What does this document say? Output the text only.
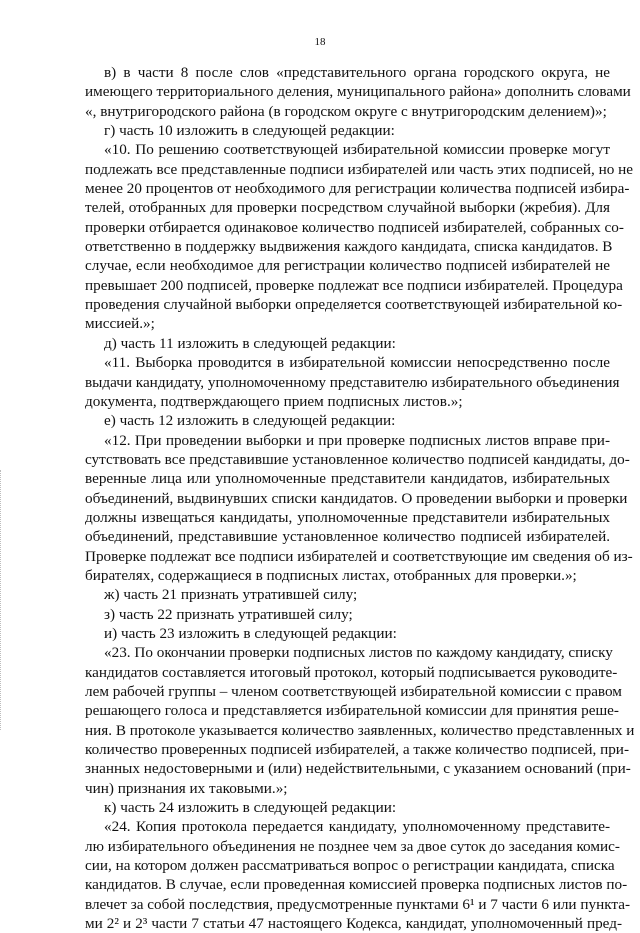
18
в) в части 8 после слов «представительного органа городского округа, не
имеющего территориального деления, муниципального района» дополнить словами
«, внутригородского района (в городском округе с внутригородским делением)»;
г) часть 10 изложить в следующей редакции:
«10. По решению соответствующей избирательной комиссии проверке могут
подлежать все представленные подписи избирателей или часть этих подписей, но не
менее 20 процентов от необходимого для регистрации количества подписей избира-
телей, отобранных для проверки посредством случайной выборки (жребия). Для
проверки отбирается одинаковое количество подписей избирателей, собранных со-
ответственно в поддержку выдвижения каждого кандидата, списка кандидатов. В
случае, если необходимое для регистрации количество подписей избирателей не
превышает 200 подписей, проверке подлежат все подписи избирателей. Процедура
проведения случайной выборки определяется соответствующей избирательной ко-
миссией.»;
д) часть 11 изложить в следующей редакции:
«11. Выборка проводится в избирательной комиссии непосредственно после
выдачи кандидату, уполномоченному представителю избирательного объединения
документа, подтверждающего прием подписных листов.»;
е) часть 12 изложить в следующей редакции:
«12. При проведении выборки и при проверке подписных листов вправе при-
сутствовать все представившие установленное количество подписей кандидаты, до-
веренные лица или уполномоченные представители кандидатов, избирательных
объединений, выдвинувших списки кандидатов. О проведении выборки и проверки
должны извещаться кандидаты, уполномоченные представители избирательных
объединений, представившие установленное количество подписей избирателей.
Проверке подлежат все подписи избирателей и соответствующие им сведения об из-
бирателях, содержащиеся в подписных листах, отобранных для проверки.»;
ж) часть 21 признать утратившей силу;
з) часть 22 признать утратившей силу;
и) часть 23 изложить в следующей редакции:
«23. По окончании проверки подписных листов по каждому кандидату, списку
кандидатов составляется итоговый протокол, который подписывается руководите-
лем рабочей группы – членом соответствующей избирательной комиссии с правом
решающего голоса и представляется избирательной комиссии для принятия реше-
ния. В протоколе указывается количество заявленных, количество представленных и
количество проверенных подписей избирателей, а также количество подписей, при-
знанных недостоверными и (или) недействительными, с указанием оснований (при-
чин) признания их таковыми.»;
к) часть 24 изложить в следующей редакции:
«24. Копия протокола передается кандидату, уполномоченному представите-
лю избирательного объединения не позднее чем за двое суток до заседания комис-
сии, на котором должен рассматриваться вопрос о регистрации кандидата, списка
кандидатов. В случае, если проведенная комиссией проверка подписных листов по-
влечет за собой последствия, предусмотренные пунктами 6¹ и 7 части 6 или пункта-
ми 2² и 2³ части 7 статьи 47 настоящего Кодекса, кандидат, уполномоченный пред-
